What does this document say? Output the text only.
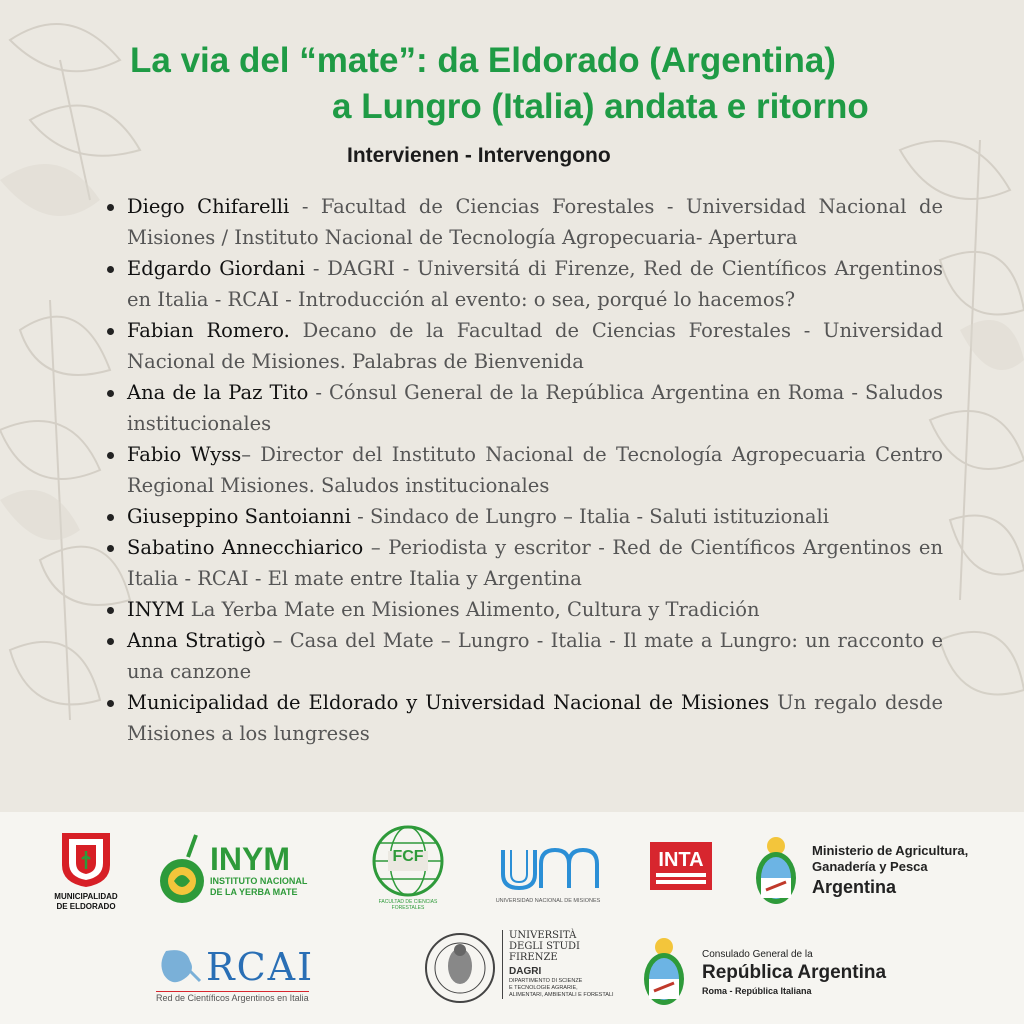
La via del “mate”: da Eldorado (Argentina)
a Lungro (Italia) andata e ritorno
Intervienen - Intervengono
Diego Chifarelli - Facultad de Ciencias Forestales - Universidad Nacional de Misiones / Instituto Nacional de Tecnología Agropecuaria- Apertura
Edgardo Giordani - DAGRI - Universitá di Firenze, Red de Científicos Argentinos en Italia - RCAI - Introducción al evento: o sea, porqué lo hacemos?
Fabian Romero. Decano de la Facultad de Ciencias Forestales - Universidad Nacional de Misiones. Palabras de Bienvenida
Ana de la Paz Tito - Cónsul General de la República Argentina en Roma - Saludos institucionales
Fabio Wyss– Director del Instituto Nacional de Tecnología Agropecuaria Centro Regional Misiones. Saludos institucionales
Giuseppino Santoianni - Sindaco de Lungro – Italia - Saluti istituzionali
Sabatino Annecchiarico – Periodista y escritor - Red de Científicos Argentinos en Italia - RCAI - El mate entre Italia y Argentina
INYM La Yerba Mate en Misiones Alimento, Cultura y Tradición
Anna Stratigò – Casa del Mate – Lungro - Italia - Il mate a Lungro: un racconto e una canzone
Municipalidad de Eldorado y Universidad Nacional de Misiones Un regalo desde Misiones a los lungreses
MUNICIPALIDAD
DE ELDORADO
INYM
INSTITUTO NACIONAL
DE LA YERBA MATE
FCF
FACULTAD DE CIENCIAS FORESTALES
UNIVERSIDAD NACIONAL DE MISIONES
INTA	Ministerio de Agricultura,
Ganadería y Pesca
Argentina
RCAI
Red de Científicos Argentinos en Italia
UNIVERSITÀ
DEGLI STUDI
FIRENZE
DAGRI
DIPARTIMENTO DI SCIENZE
E TECNOLOGIE AGRARIE,
ALIMENTARI, AMBIENTALI E FORESTALI
Consulado General de la
República Argentina
Roma - República Italiana
